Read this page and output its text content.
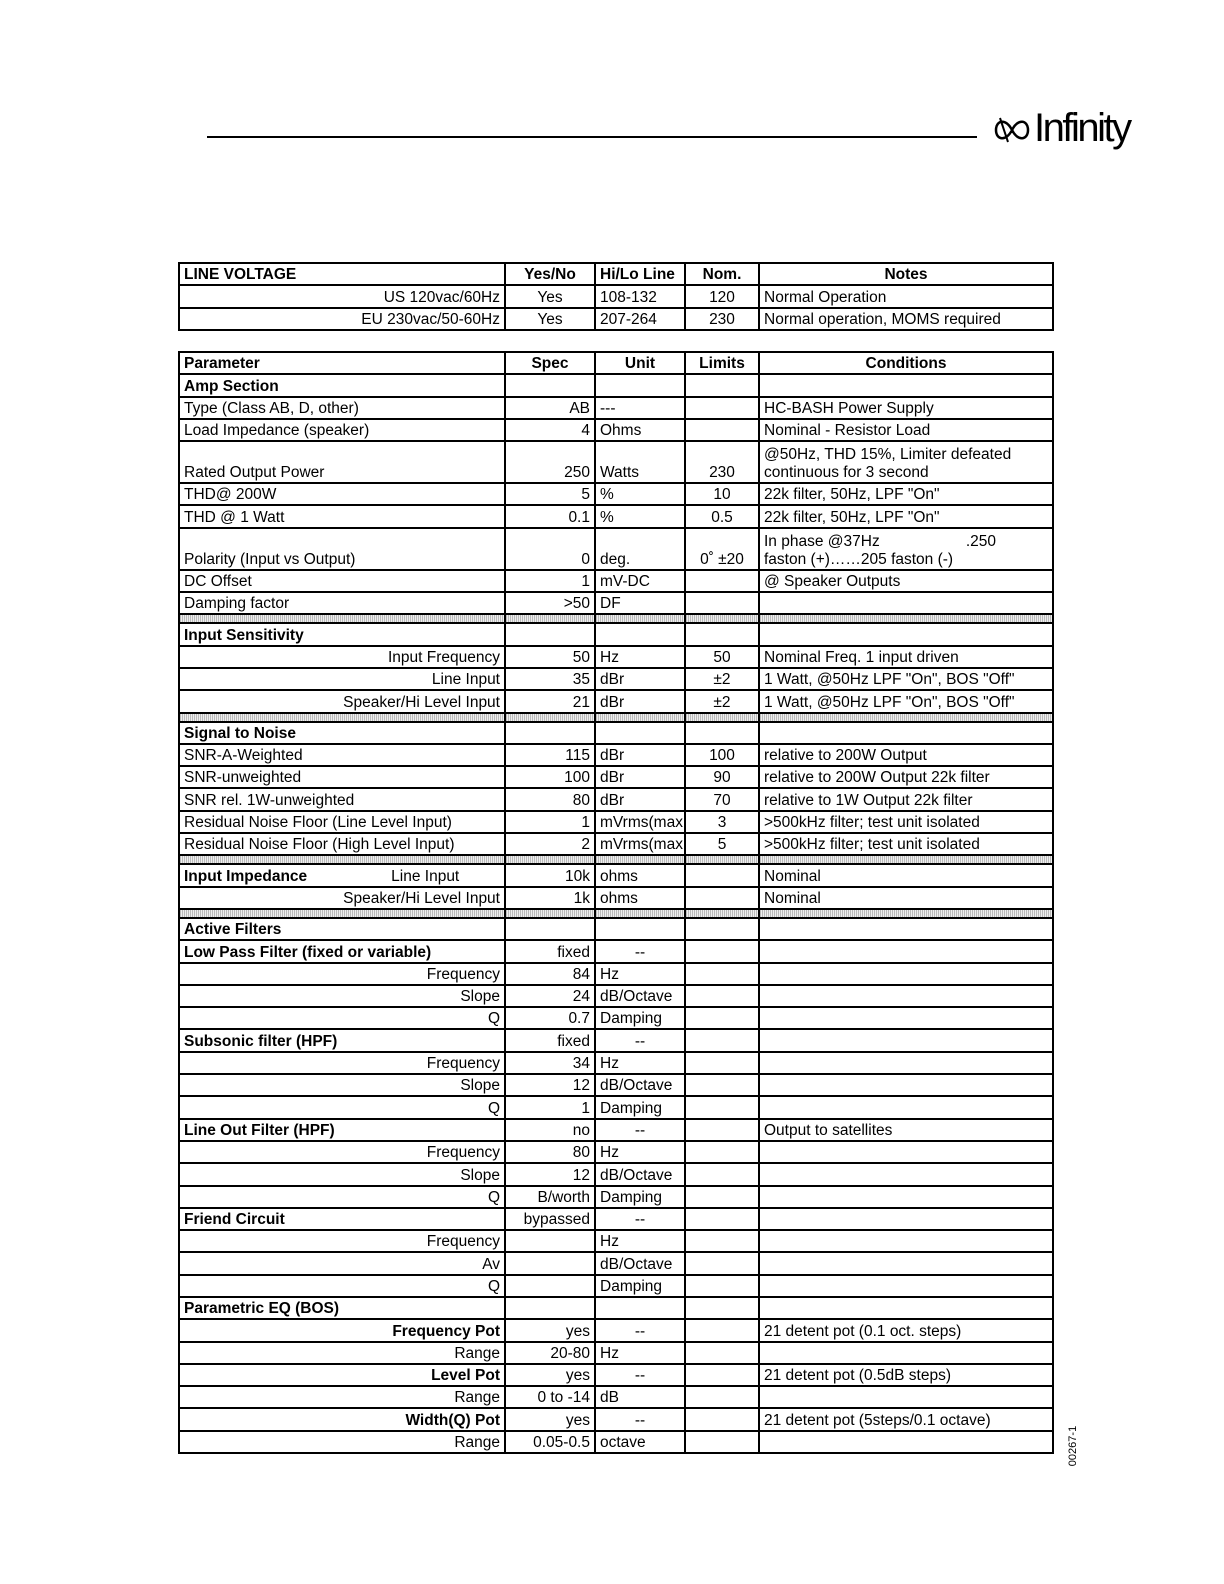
Infinity
LINE VOLTAGE	Yes/No	Hi/Lo Line	Nom.	Notes
US 120vac/60Hz	Yes	108-132	120	Normal Operation
EU 230vac/50-60Hz	Yes	207-264	230	Normal operation, MOMS required
Parameter	Spec	Unit	Limits	Conditions
Amp Section				
Type (Class AB, D, other)	AB	---		HC-BASH Power Supply
Load Impedance (speaker)	4	Ohms		Nominal - Resistor Load
Rated Output Power	250	Watts	230	@50Hz, THD 15%, Limiter defeated
continuous for 3 second

THD@ 200W	5	%	10	22k filter, 50Hz, LPF "On"
THD @ 1 Watt	0.1	%	0.5	22k filter, 50Hz, LPF "On"
Polarity (Input vs Output)	0	deg.	0˚ ±20	In phase @37Hz                    .250
faston (+)……205 faston (-)

DC Offset	1	mV-DC		@ Speaker Outputs
Damping factor	>50	DF		

Input Sensitivity				
Input Frequency	50	Hz	50	Nominal Freq. 1 input driven
Line Input	35	dBr	±2	1 Watt, @50Hz LPF "On", BOS "Off"
Speaker/Hi Level Input	21	dBr	±2	1 Watt, @50Hz LPF "On", BOS "Off"

Signal to Noise				
SNR-A-Weighted	115	dBr	100	relative to 200W Output
SNR-unweighted	100	dBr	90	relative to 200W Output 22k filter
SNR rel. 1W-unweighted	80	dBr	70	relative to 1W Output 22k filter
Residual Noise Floor (Line Level Input)	1	mVrms(max	3	>500kHz filter; test unit isolated
Residual Noise Floor (High Level Input)	2	mVrms(max	5	>500kHz filter; test unit isolated

Input Impedance Line Input	10k	ohms		Nominal
Speaker/Hi Level Input	1k	ohms		Nominal

Active Filters				
Low Pass Filter (fixed or variable)	fixed	--		
Frequency	84	Hz		
Slope	24	dB/Octave		
Q	0.7	Damping		
Subsonic filter (HPF)	fixed	--		
Frequency	34	Hz		
Slope	12	dB/Octave		
Q	1	Damping		
Line Out Filter (HPF)	no	--		Output to satellites
Frequency	80	Hz		
Slope	12	dB/Octave		
Q	B/worth	Damping		
Friend Circuit	bypassed	--		
Frequency		Hz		
Av		dB/Octave		
Q		Damping		
Parametric EQ (BOS)				
Frequency Pot	yes	--		21 detent pot (0.1 oct. steps)
Range	20-80	Hz		
Level Pot	yes	--		21 detent pot (0.5dB steps)
Range	0 to -14	dB		
Width(Q) Pot	yes	--		21 detent pot (5steps/0.1 octave)
Range	0.05-0.5	octave			00267-1
